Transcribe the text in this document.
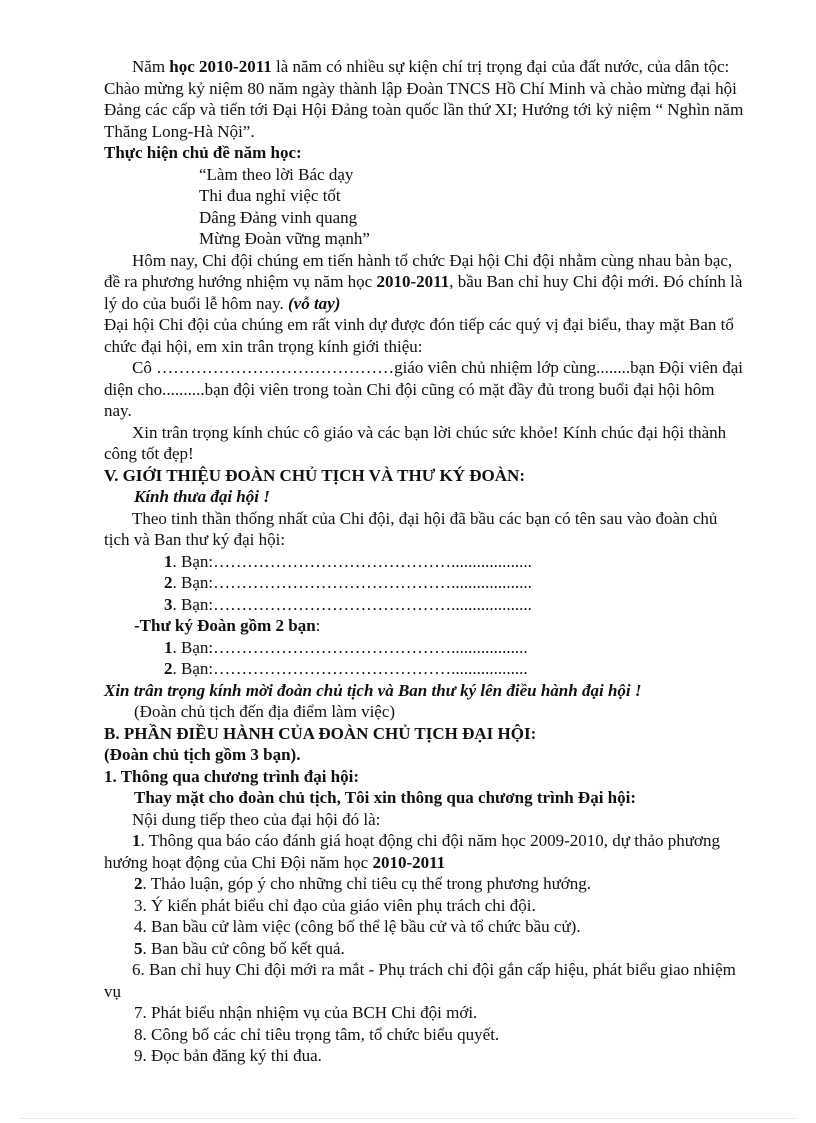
Năm học 2010-2011 là năm có nhiều sự kiện chí trị trọng đại của đất nước, của dân tộc: Chào mừng kỷ niệm 80 năm ngày thành lập Đoàn TNCS Hồ Chí Minh và chào mừng đại hội Đảng các cấp và tiến tới Đại Hội Đảng toàn quốc lần thứ XI; Hướng tới kỷ niệm “ Nghìn năm Thăng Long-Hà Nội”.

Thực hiện chủ đề năm học:

“Làm theo lời Bác dạy

Thi đua nghỉ việc tốt

Dâng Đảng vinh quang

Mừng Đoàn vững mạnh”

Hôm nay, Chi đội chúng em tiến hành tổ chức Đại hội Chi đội nhằm cùng nhau bàn bạc, đề ra phương hướng nhiệm vụ năm học 2010-2011, bầu Ban chỉ huy Chi đội mới. Đó chính là lý do của buổi lễ hôm nay. (vỗ tay)

Đại hội Chi đội của chúng em rất vinh dự được đón tiếp các quý vị đại biểu, thay mặt Ban tổ chức đại hội, em xin trân trọng kính giới thiệu:

Cô ……………………………………giáo viên chủ nhiệm lớp cùng........bạn Đội viên đại diện cho..........bạn đội viên trong toàn Chi đội cũng có mặt đầy đủ trong buổi đại hội hôm nay.

Xin trân trọng kính chúc cô giáo và các bạn lời chúc sức khỏe! Kính chúc đại hội thành công tốt đẹp!

V. GIỚI THIỆU ĐOÀN CHỦ TỊCH VÀ THƯ KÝ ĐOÀN:

Kính thưa đại hội !

Theo tinh thần thống nhất của Chi đội, đại hội đã bầu các bạn có tên sau vào đoàn chủ tịch và Ban thư ký đại hội:

1. Bạn:……………………………………...................

2. Bạn:……………………………………...................

3. Bạn:……………………………………...................

-Thư ký Đoàn gồm 2 bạn:

1. Bạn:……………………………………..................

2. Bạn:……………………………………..................

Xin trân trọng kính mời đoàn chủ tịch và Ban thư ký lên điều hành đại hội !

(Đoàn chủ tịch đến địa điểm làm việc)

B. PHẦN ĐIỀU HÀNH CỦA ĐOÀN CHỦ TỊCH ĐẠI HỘI:

(Đoàn chủ tịch gồm 3 bạn).

1. Thông qua chương trình đại hội:

Thay mặt cho đoàn chủ tịch, Tôi xin thông qua chương trình Đại hội:

Nội dung tiếp theo của đại hội đó là:

1. Thông qua báo cáo đánh giá hoạt động chi đội năm học 2009-2010, dự thảo phương hướng hoạt động của Chi Đội năm học 2010-2011

2. Thảo luận, góp ý cho những chỉ tiêu cụ thể trong phương hướng.

3. Ý kiến phát biểu chỉ đạo của giáo viên phụ trách chi đội.

4. Ban bầu cử làm việc (công bố thể lệ bầu cử và tổ chức bầu cử).

5. Ban bầu cử công bố kết quả.

6. Ban chỉ huy Chi đội mới ra mắt - Phụ trách chi đội gắn cấp hiệu, phát biểu giao nhiệm vụ

7. Phát biểu nhận nhiệm vụ của BCH Chi đội mới.

8. Công bố các chỉ tiêu trọng tâm, tổ chức biểu quyết.

9. Đọc bản đăng ký thi đua.
